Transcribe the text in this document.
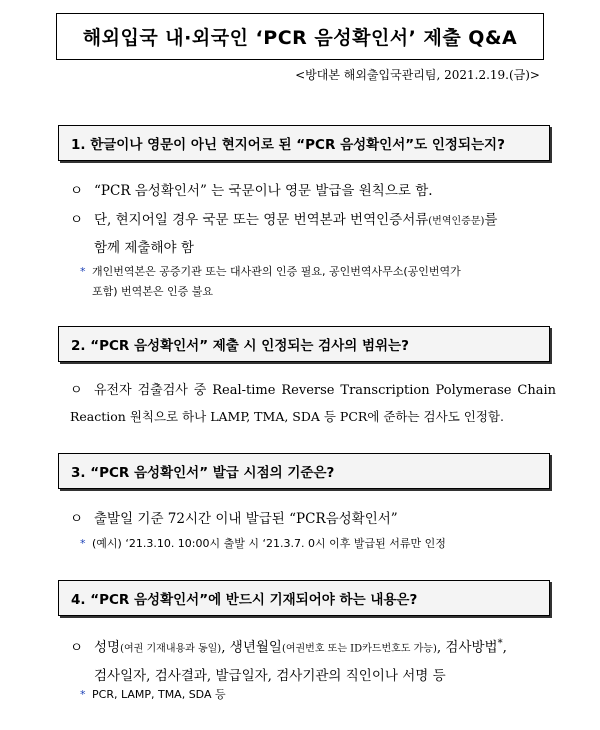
해외입국 내·외국인 ‘PCR 음성확인서’ 제출 Q&A
<방대본 해외출입국관리팀, 2021.2.19.(금)>
1. 한글이나 영문이 아닌 현지어로 된 “PCR 음성확인서”도 인정되는지?
ㅇ “PCR 음성확인서” 는 국문이나 영문 발급을 원칙으로 함.
ㅇ 단, 현지어일 경우 국문 또는 영문 번역본과 번역인증서류(번역인증문)를
함께 제출해야 함
* 개인번역본은 공증기관 또는 대사관의 인증 필요, 공인번역사무소(공인번역가
포함) 번역본은 인증 불요
2. “PCR 음성확인서” 제출 시 인정되는 검사의 범위는?
ㅇ 유전자 검출검사 중 Real-time Reverse Transcription Polymerase Chain
Reaction 원칙으로 하나 LAMP, TMA, SDA 등 PCR에 준하는 검사도 인정함.
3. “PCR 음성확인서” 발급 시점의 기준은?
ㅇ 출발일 기준 72시간 이내 발급된 “PCR음성확인서”
* (예시) ‘21.3.10. 10:00시 출발 시 ‘21.3.7. 0시 이후 발급된 서류만 인정
4. “PCR 음성확인서”에 반드시 기재되어야 하는 내용은?
ㅇ 성명(여권 기재내용과 동일), 생년월일(여권번호 또는 ID카드번호도 가능), 검사방법*,
검사일자, 검사결과, 발급일자, 검사기관의 직인이나 서명 등
* PCR, LAMP, TMA, SDA 등
